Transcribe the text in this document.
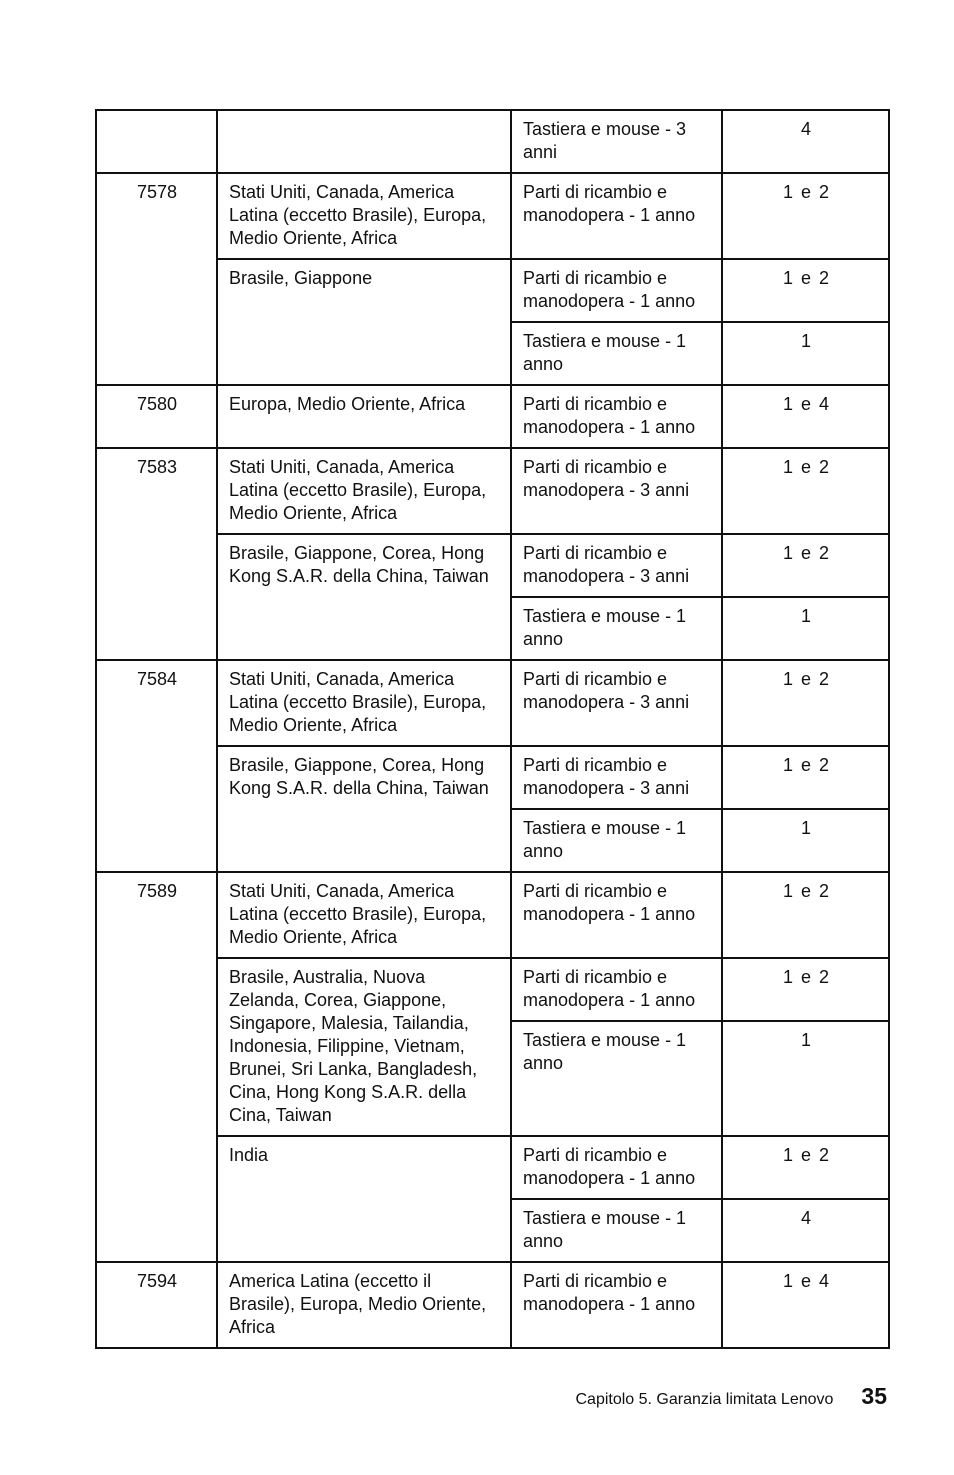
		Tastiera e mouse - 3 anni	4
7578	Stati Uniti, Canada, America Latina (eccetto Brasile), Europa, Medio Oriente, Africa	Parti di ricambio e manodopera - 1 anno	1 e 2
	Brasile, Giappone	Parti di ricambio e manodopera - 1 anno	1 e 2
		Tastiera e mouse - 1 anno	1
7580	Europa, Medio Oriente, Africa	Parti di ricambio e manodopera - 1 anno	1 e 4
7583	Stati Uniti, Canada, America Latina (eccetto Brasile), Europa, Medio Oriente, Africa	Parti di ricambio e manodopera - 3 anni	1 e 2
	Brasile, Giappone, Corea, Hong Kong S.A.R. della China, Taiwan	Parti di ricambio e manodopera - 3 anni	1 e 2
		Tastiera e mouse - 1 anno	1
7584	Stati Uniti, Canada, America Latina (eccetto Brasile), Europa, Medio Oriente, Africa	Parti di ricambio e manodopera - 3 anni	1 e 2
	Brasile, Giappone, Corea, Hong Kong S.A.R. della China, Taiwan	Parti di ricambio e manodopera - 3 anni	1 e 2
		Tastiera e mouse - 1 anno	1
7589	Stati Uniti, Canada, America Latina (eccetto Brasile), Europa, Medio Oriente, Africa	Parti di ricambio e manodopera - 1 anno	1 e 2
	Brasile, Australia, Nuova Zelanda, Corea, Giappone, Singapore, Malesia, Tailandia, Indonesia, Filippine, Vietnam, Brunei, Sri Lanka, Bangladesh, Cina, Hong Kong S.A.R. della Cina, Taiwan	Parti di ricambio e manodopera - 1 anno	1 e 2
		Tastiera e mouse - 1 anno	1
	India	Parti di ricambio e manodopera - 1 anno	1 e 2
		Tastiera e mouse - 1 anno	4
7594	America Latina (eccetto il Brasile), Europa, Medio Oriente, Africa	Parti di ricambio e manodopera - 1 anno	1 e 4
Capitolo 5. Garanzia limitata Lenovo 35
